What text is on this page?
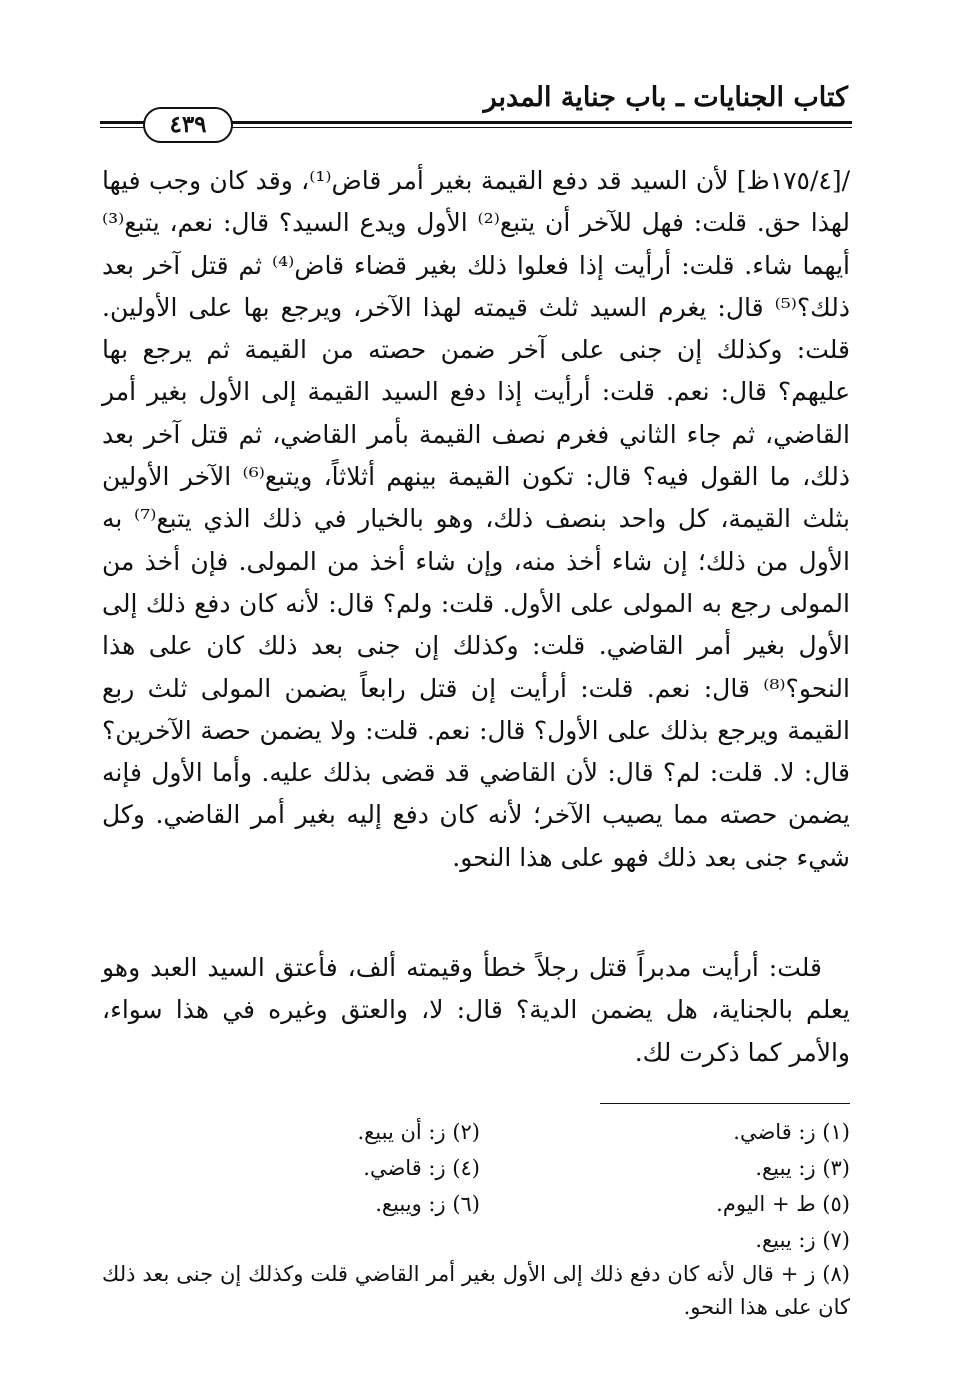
كتاب الجنايات ـ باب جناية المدبر
٤٣٩
/[١٧٥/٤ظ] لأن السيد قد دفع القيمة بغير أمر قاض⁽¹⁾، وقد كان وجب فيها لهذا حق. قلت: فهل للآخر أن يتبع⁽²⁾ الأول ويدع السيد؟ قال: نعم، يتبع⁽³⁾ أيهما شاء. قلت: أرأيت إذا فعلوا ذلك بغير قضاء قاض⁽⁴⁾ ثم قتل آخر بعد ذلك؟⁽⁵⁾ قال: يغرم السيد ثلث قيمته لهذا الآخر، ويرجع بها على الأولين. قلت: وكذلك إن جنى على آخر ضمن حصته من القيمة ثم يرجع بها عليهم؟ قال: نعم. قلت: أرأيت إذا دفع السيد القيمة إلى الأول بغير أمر القاضي، ثم جاء الثاني فغرم نصف القيمة بأمر القاضي، ثم قتل آخر بعد ذلك، ما القول فيه؟ قال: تكون القيمة بينهم أثلاثاً، ويتبع⁽⁶⁾ الآخر الأولين بثلث القيمة، كل واحد بنصف ذلك، وهو بالخيار في ذلك الذي يتبع⁽⁷⁾ به الأول من ذلك؛ إن شاء أخذ منه، وإن شاء أخذ من المولى. فإن أخذ من المولى رجع به المولى على الأول. قلت: ولم؟ قال: لأنه كان دفع ذلك إلى الأول بغير أمر القاضي. قلت: وكذلك إن جنى بعد ذلك كان على هذا النحو؟⁽⁸⁾ قال: نعم. قلت: أرأيت إن قتل رابعاً يضمن المولى ثلث ربع القيمة ويرجع بذلك على الأول؟ قال: نعم. قلت: ولا يضمن حصة الآخرين؟ قال: لا. قلت: لم؟ قال: لأن القاضي قد قضى بذلك عليه. وأما الأول فإنه يضمن حصته مما يصيب الآخر؛ لأنه كان دفع إليه بغير أمر القاضي. وكل شيء جنى بعد ذلك فهو على هذا النحو.
قلت: أرأيت مدبراً قتل رجلاً خطأ وقيمته ألف، فأعتق السيد العبد وهو يعلم بالجناية، هل يضمن الدية؟ قال: لا، والعتق وغيره في هذا سواء، والأمر كما ذكرت لك.
(١) ز: قاضي.
(٢) ز: أن يبيع.
(٣) ز: يبيع.
(٤) ز: قاضي.
(٥) ط + اليوم.
(٦) ز: ويبيع.
(٧) ز: يبيع.
(٨) ز + قال لأنه كان دفع ذلك إلى الأول بغير أمر القاضي قلت وكذلك إن جنى بعد ذلك كان على هذا النحو.
